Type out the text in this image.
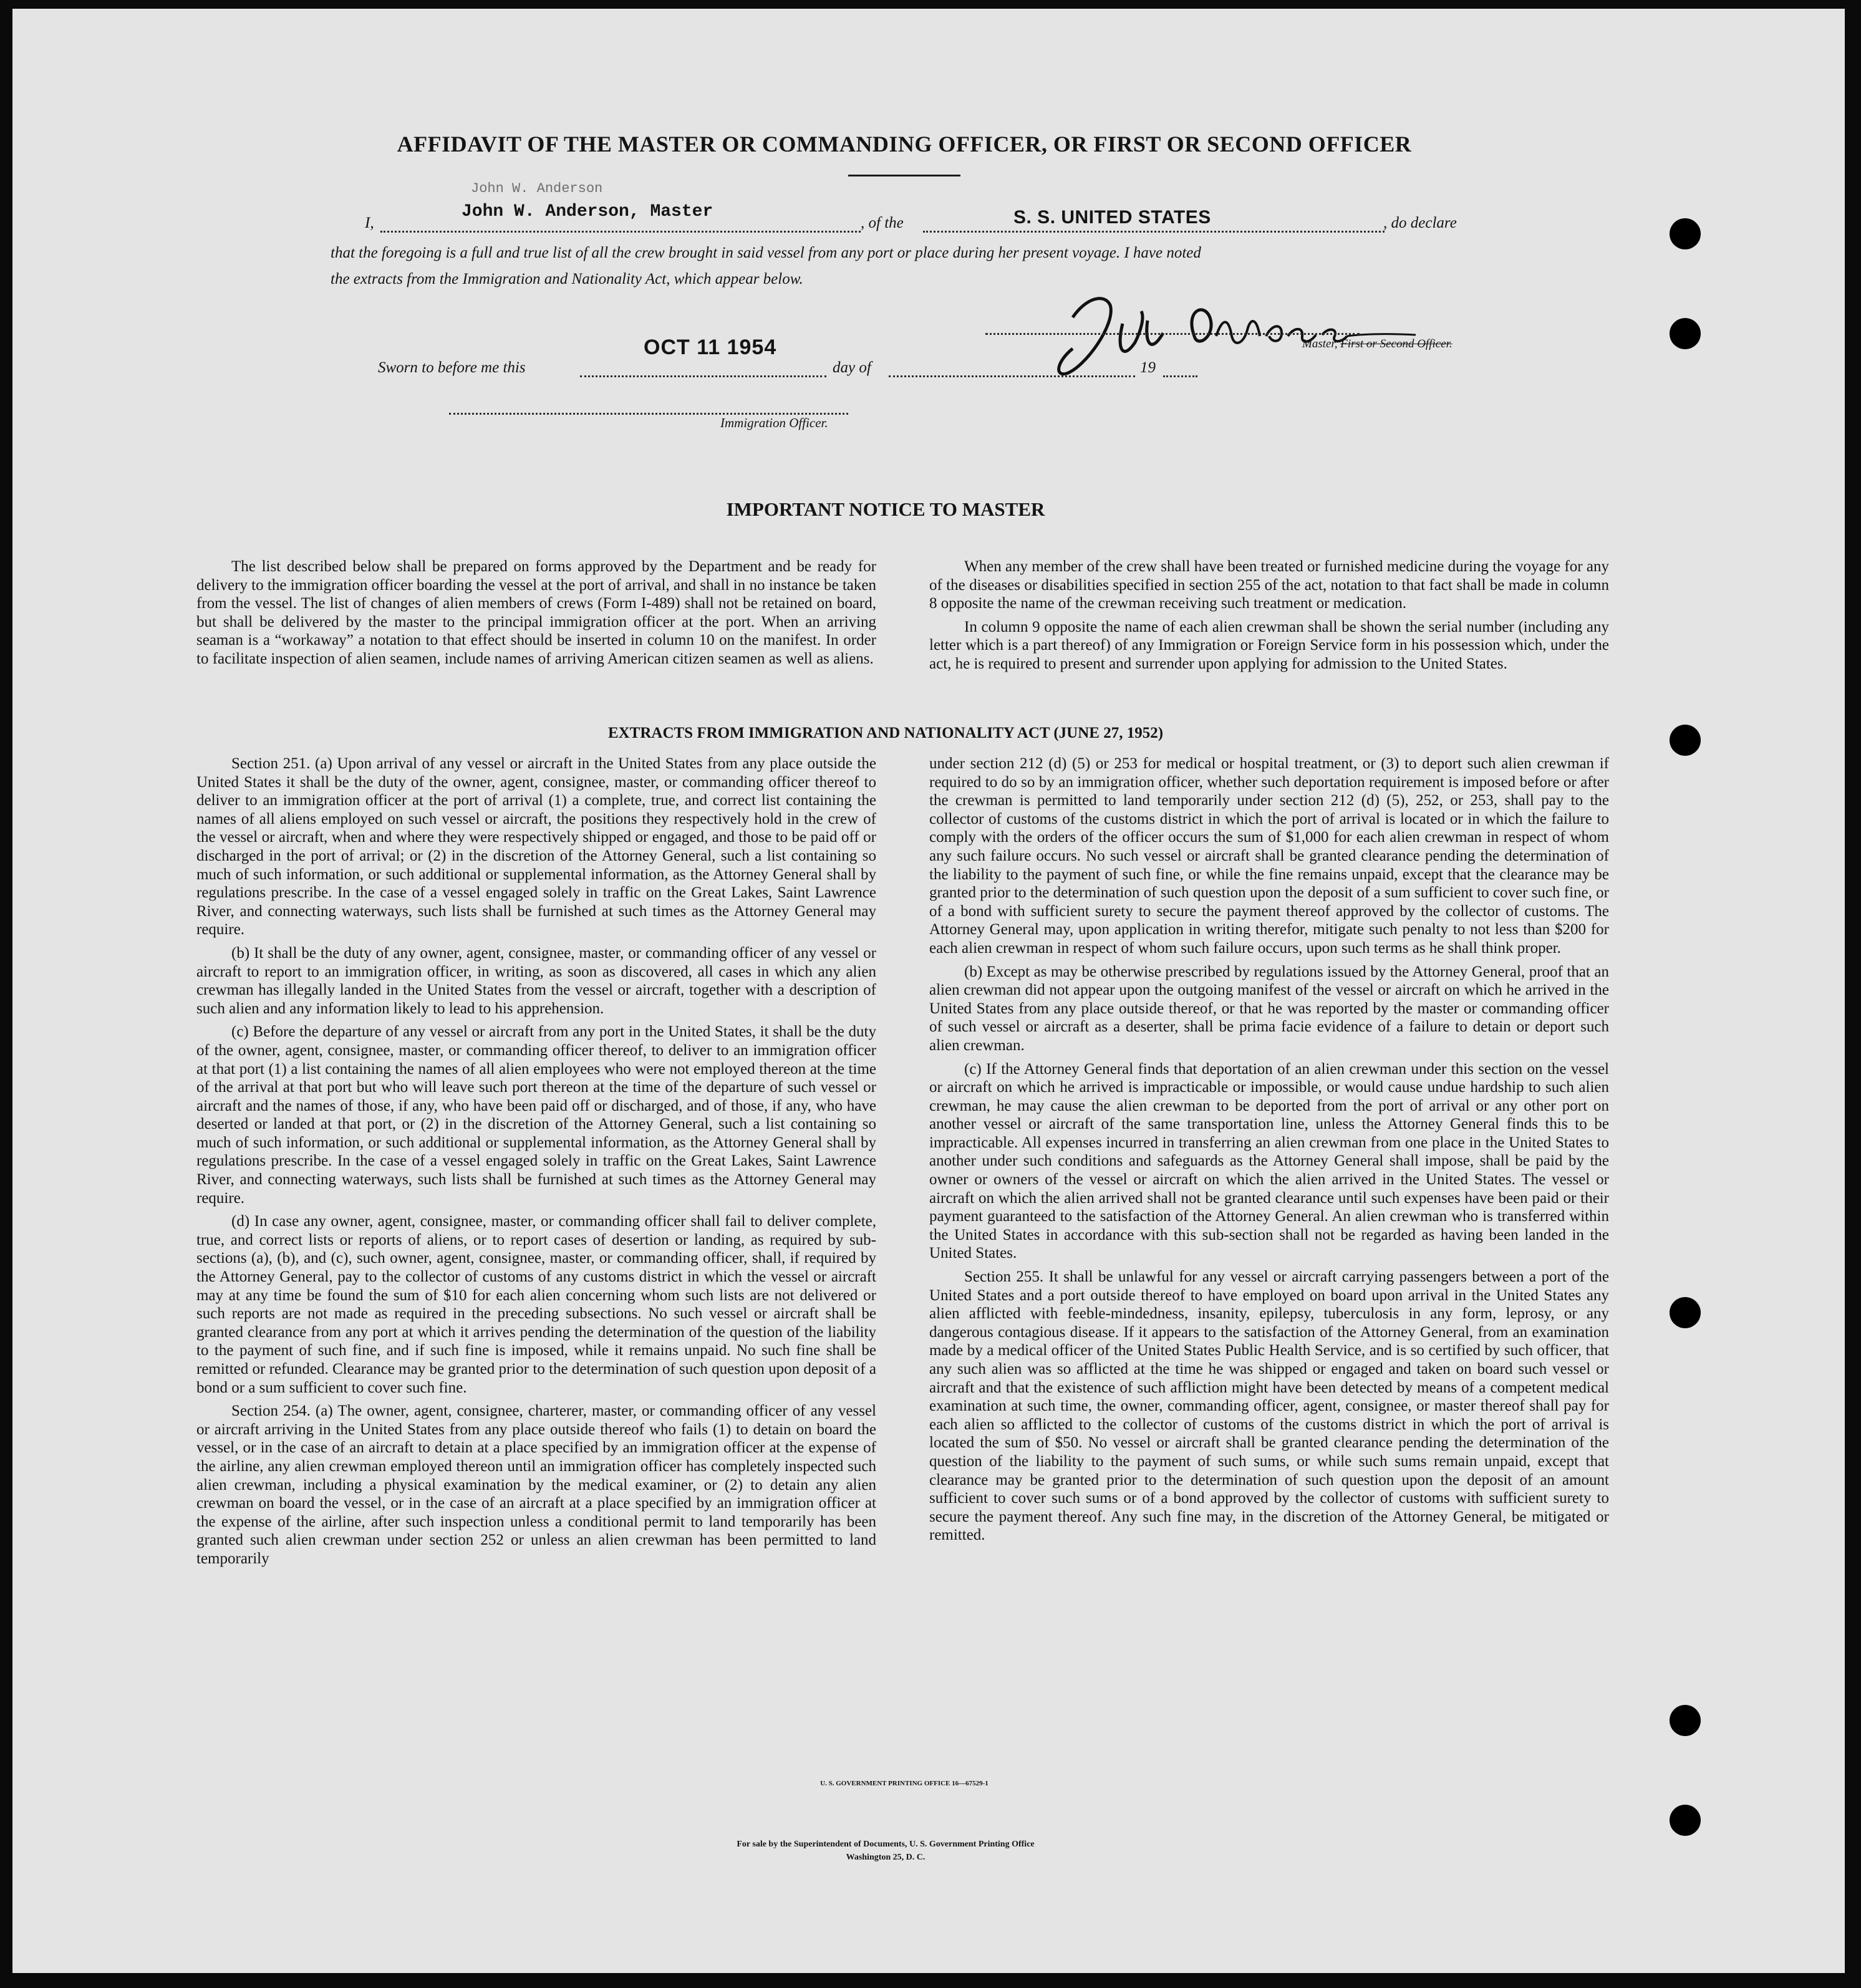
AFFIDAVIT OF THE MASTER OR COMMANDING OFFICER, OR FIRST OR SECOND OFFICER
John W. Anderson
I,
John W. Anderson, Master
, of the	S. S. UNITED STATES	, do declare
that the foregoing is a full and true list of all the crew brought in said vessel from any port or place during her present voyage. I have noted
the extracts from the Immigration and Nationality Act, which appear below.
Master, First or Second Officer.
OCT 11 1954
Sworn to before me this	day of	19
Immigration Officer.
IMPORTANT NOTICE TO MASTER

The list described below shall be prepared on forms approved by the Department and be ready for delivery to the immigration officer boarding the vessel at the port of arrival, and shall in no instance be taken from the vessel. The list of changes of alien members of crews (Form I-489) shall not be retained on board, but shall be delivered by the master to the principal immigration officer at the port. When an arriving seaman is a “workaway” a notation to that effect should be inserted in column 10 on the manifest. In order to facilitate inspection of alien seamen, include names of arriving American citizen seamen as well as aliens.

When any member of the crew shall have been treated or furnished medicine during the voyage for any of the diseases or disabilities specified in section 255 of the act, notation to that fact shall be made in column 8 opposite the name of the crewman receiving such treatment or medication.

In column 9 opposite the name of each alien crewman shall be shown the serial number (including any letter which is a part thereof) of any Immigration or Foreign Service form in his possession which, under the act, he is required to present and surrender upon applying for admission to the United States.

EXTRACTS FROM IMMIGRATION AND NATIONALITY ACT (JUNE 27, 1952)

Section 251. (a) Upon arrival of any vessel or aircraft in the United States from any place outside the United States it shall be the duty of the owner, agent, consignee, master, or commanding officer thereof to deliver to an immigration officer at the port of arrival (1) a complete, true, and correct list containing the names of all aliens employed on such vessel or aircraft, the positions they respectively hold in the crew of the vessel or aircraft, when and where they were respectively shipped or engaged, and those to be paid off or discharged in the port of arrival; or (2) in the discretion of the Attorney General, such a list containing so much of such information, or such additional or supplemental information, as the Attorney General shall by regulations prescribe. In the case of a vessel engaged solely in traffic on the Great Lakes, Saint Lawrence River, and connecting waterways, such lists shall be furnished at such times as the Attorney General may require.

(b) It shall be the duty of any owner, agent, consignee, master, or commanding officer of any vessel or aircraft to report to an immigration officer, in writing, as soon as discovered, all cases in which any alien crewman has illegally landed in the United States from the vessel or aircraft, together with a description of such alien and any information likely to lead to his apprehension.

(c) Before the departure of any vessel or aircraft from any port in the United States, it shall be the duty of the owner, agent, consignee, master, or commanding officer thereof, to deliver to an immigration officer at that port (1) a list containing the names of all alien employees who were not employed thereon at the time of the arrival at that port but who will leave such port thereon at the time of the departure of such vessel or aircraft and the names of those, if any, who have been paid off or discharged, and of those, if any, who have deserted or landed at that port, or (2) in the discretion of the Attorney General, such a list containing so much of such information, or such additional or supplemental information, as the Attorney General shall by regulations prescribe. In the case of a vessel engaged solely in traffic on the Great Lakes, Saint Lawrence River, and connecting waterways, such lists shall be furnished at such times as the Attorney General may require.

(d) In case any owner, agent, consignee, master, or commanding officer shall fail to deliver complete, true, and correct lists or reports of aliens, or to report cases of desertion or landing, as required by sub-sections (a), (b), and (c), such owner, agent, consignee, master, or commanding officer, shall, if required by the Attorney General, pay to the collector of customs of any customs district in which the vessel or aircraft may at any time be found the sum of $10 for each alien concerning whom such lists are not delivered or such reports are not made as required in the preceding subsections. No such vessel or aircraft shall be granted clearance from any port at which it arrives pending the determination of the question of the liability to the payment of such fine, and if such fine is imposed, while it remains unpaid. No such fine shall be remitted or refunded. Clearance may be granted prior to the determination of such question upon deposit of a bond or a sum sufficient to cover such fine.

Section 254. (a) The owner, agent, consignee, charterer, master, or commanding officer of any vessel or aircraft arriving in the United States from any place outside thereof who fails (1) to detain on board the vessel, or in the case of an aircraft to detain at a place specified by an immigration officer at the expense of the airline, any alien crewman employed thereon until an immigration officer has completely inspected such alien crewman, including a physical examination by the medical examiner, or (2) to detain any alien crewman on board the vessel, or in the case of an aircraft at a place specified by an immigration officer at the expense of the airline, after such inspection unless a conditional permit to land temporarily has been granted such alien crewman under section 252 or unless an alien crewman has been permitted to land temporarily

under section 212 (d) (5) or 253 for medical or hospital treatment, or (3) to deport such alien crewman if required to do so by an immigration officer, whether such deportation requirement is imposed before or after the crewman is permitted to land temporarily under section 212 (d) (5), 252, or 253, shall pay to the collector of customs of the customs district in which the port of arrival is located or in which the failure to comply with the orders of the officer occurs the sum of $1,000 for each alien crewman in respect of whom any such failure occurs. No such vessel or aircraft shall be granted clearance pending the determination of the liability to the payment of such fine, or while the fine remains unpaid, except that the clearance may be granted prior to the determination of such question upon the deposit of a sum sufficient to cover such fine, or of a bond with sufficient surety to secure the payment thereof approved by the collector of customs. The Attorney General may, upon application in writing therefor, mitigate such penalty to not less than $200 for each alien crewman in respect of whom such failure occurs, upon such terms as he shall think proper.

(b) Except as may be otherwise prescribed by regulations issued by the Attorney General, proof that an alien crewman did not appear upon the outgoing manifest of the vessel or aircraft on which he arrived in the United States from any place outside thereof, or that he was reported by the master or commanding officer of such vessel or aircraft as a deserter, shall be prima facie evidence of a failure to detain or deport such alien crewman.

(c) If the Attorney General finds that deportation of an alien crewman under this section on the vessel or aircraft on which he arrived is impracticable or impossible, or would cause undue hardship to such alien crewman, he may cause the alien crewman to be deported from the port of arrival or any other port on another vessel or aircraft of the same transportation line, unless the Attorney General finds this to be impracticable. All expenses incurred in transferring an alien crewman from one place in the United States to another under such conditions and safeguards as the Attorney General shall impose, shall be paid by the owner or owners of the vessel or aircraft on which the alien arrived in the United States. The vessel or aircraft on which the alien arrived shall not be granted clearance until such expenses have been paid or their payment guaranteed to the satisfaction of the Attorney General. An alien crewman who is transferred within the United States in accordance with this sub-section shall not be regarded as having been landed in the United States.

Section 255. It shall be unlawful for any vessel or aircraft carrying passengers between a port of the United States and a port outside thereof to have employed on board upon arrival in the United States any alien afflicted with feeble-mindedness, insanity, epilepsy, tuberculosis in any form, leprosy, or any dangerous contagious disease. If it appears to the satisfaction of the Attorney General, from an examination made by a medical officer of the United States Public Health Service, and is so certified by such officer, that any such alien was so afflicted at the time he was shipped or engaged and taken on board such vessel or aircraft and that the existence of such affliction might have been detected by means of a competent medical examination at such time, the owner, commanding officer, agent, consignee, or master thereof shall pay for each alien so afflicted to the collector of customs of the customs district in which the port of arrival is located the sum of $50. No vessel or aircraft shall be granted clearance pending the determination of the question of the liability to the payment of such sums, or while such sums remain unpaid, except that clearance may be granted prior to the determination of such question upon the deposit of an amount sufficient to cover such sums or of a bond approved by the collector of customs with sufficient surety to secure the payment thereof. Any such fine may, in the discretion of the Attorney General, be mitigated or remitted.

U. S. GOVERNMENT PRINTING OFFICE 16—67529-1
For sale by the Superintendent of Documents, U. S. Government Printing Office
Washington 25, D. C.
